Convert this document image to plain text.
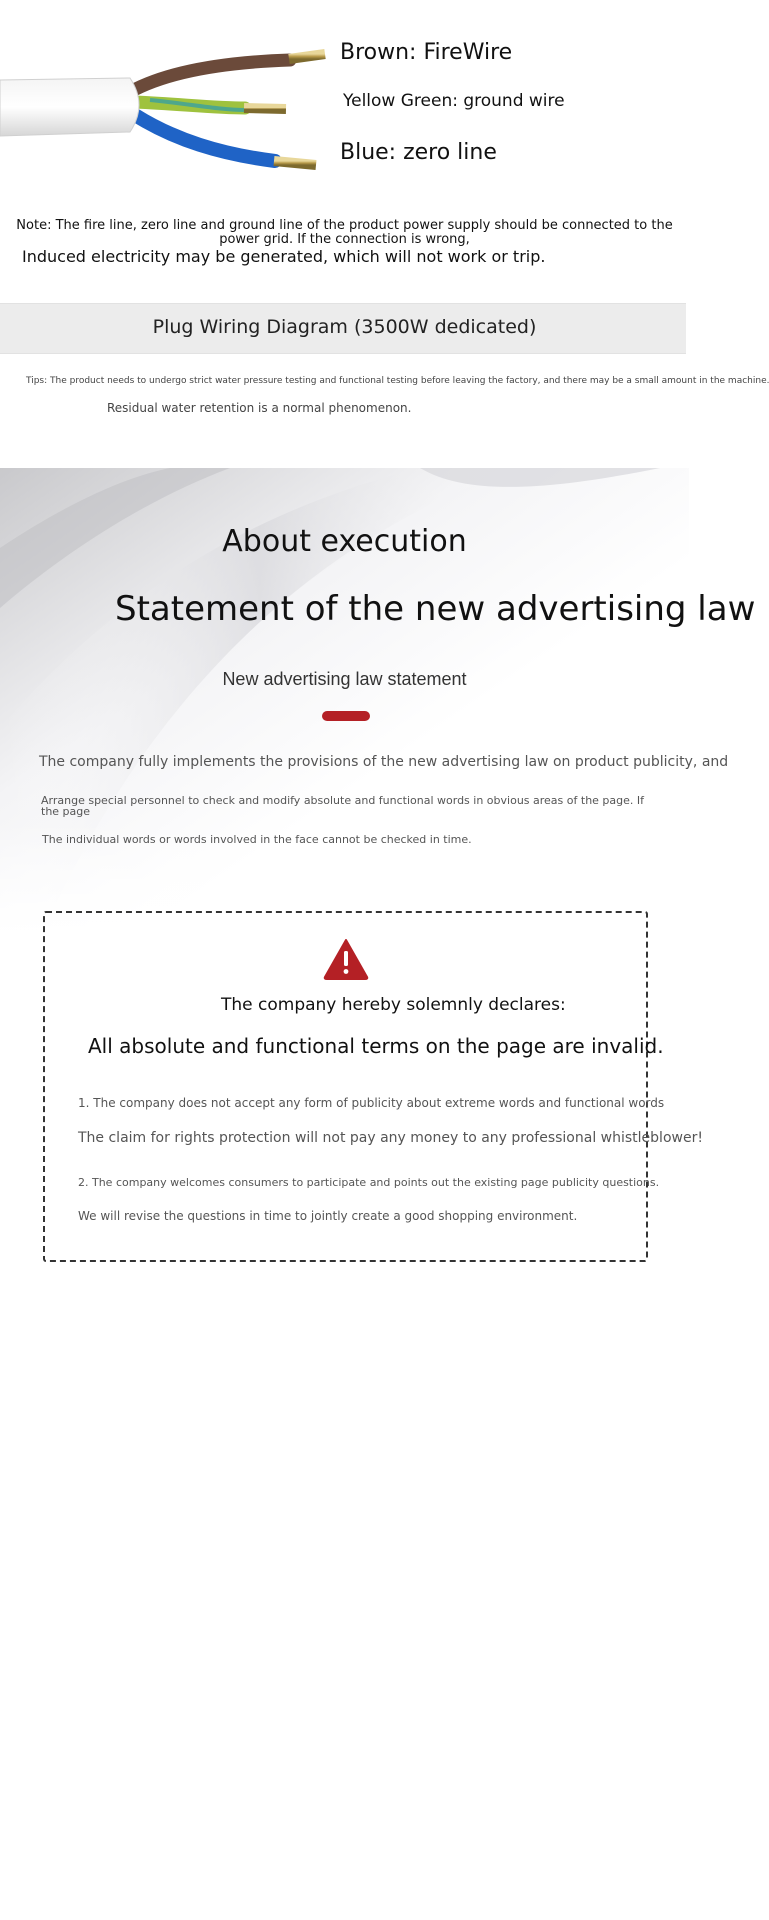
Brown: FireWire
Yellow Green: ground wire
Blue: zero line
Note: The fire line, zero line and ground line of the product power supply should be connected to the power grid. If the connection is wrong,
Induced electricity may be generated, which will not work or trip.
Plug Wiring Diagram (3500W dedicated)
Tips: The product needs to undergo strict water pressure testing and functional testing before leaving the factory, and there may be a small amount in the machine.
Residual water retention is a normal phenomenon.
About execution
Statement of the new advertising law
New advertising law statement
The company fully implements the provisions of the new advertising law on product publicity, and
Arrange special personnel to check and modify absolute and functional words in obvious areas of the page. If the page
The individual words or words involved in the face cannot be checked in time.
The company hereby solemnly declares:
All absolute and functional terms on the page are invalid.
1. The company does not accept any form of publicity about extreme words and functional words
The claim for rights protection will not pay any money to any professional whistleblower!
2. The company welcomes consumers to participate and points out the existing page publicity questions.
We will revise the questions in time to jointly create a good shopping environment.
